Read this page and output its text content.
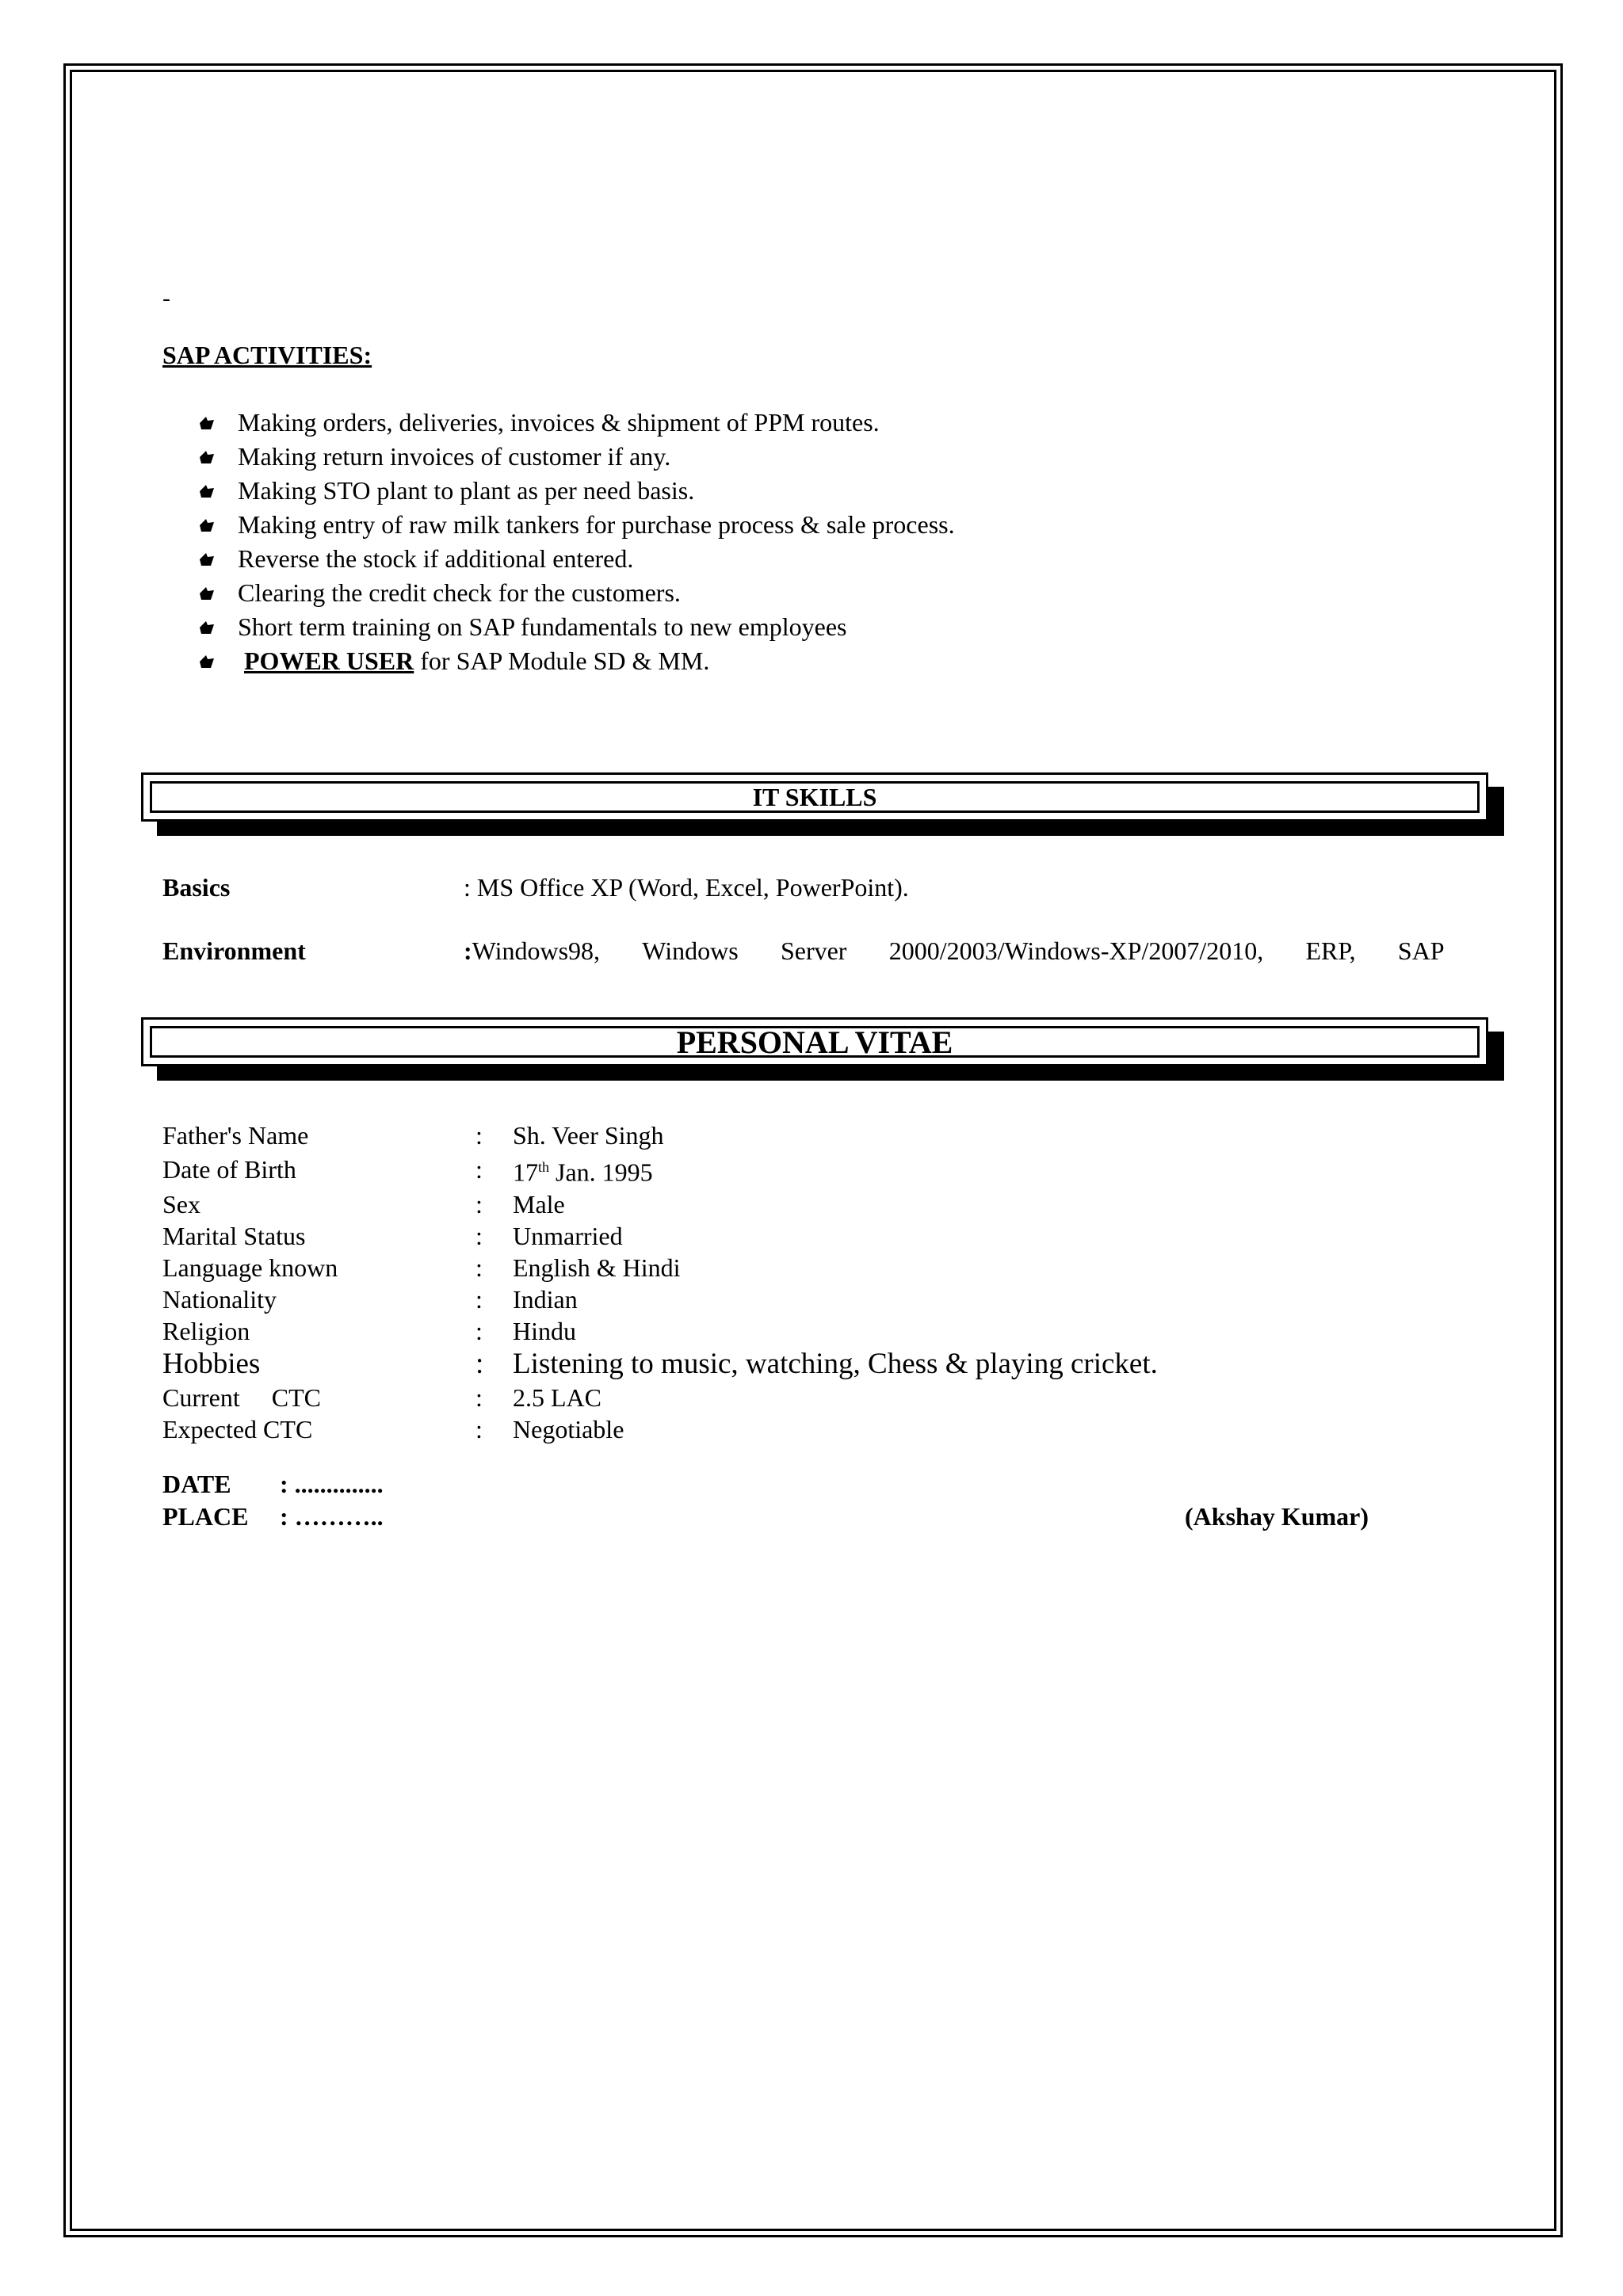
-
SAP ACTIVITIES:
Making orders, deliveries, invoices & shipment of PPM routes.
Making return invoices of customer if any.
Making STO plant to plant as per need basis.
Making entry of raw milk tankers for purchase process & sale process.
Reverse the stock if additional entered.
Clearing the credit check for the customers.
Short term training on SAP fundamentals to new employees
POWER USER for SAP Module SD & MM.
IT SKILLS
Basics	: MS Office XP (Word, Excel, PowerPoint).
Environment	: Windows98, Windows Server 2000/2003/Windows-XP/2007/2010, ERP, SAP
PERSONAL VITAE
Father's Name	:	Sh. Veer Singh
Date of Birth	:	17th Jan. 1995
Sex	:	Male
Marital Status	:	Unmarried
Language known	:	English & Hindi
Nationality	:	Indian
Religion	:	Hindu
Hobbies	:	Listening to music, watching, Chess & playing cricket.
Current     CTC	:	2.5 LAC
Expected CTC	:	Negotiable
DATE : ..............
PLACE : ………..	(Akshay Kumar)
